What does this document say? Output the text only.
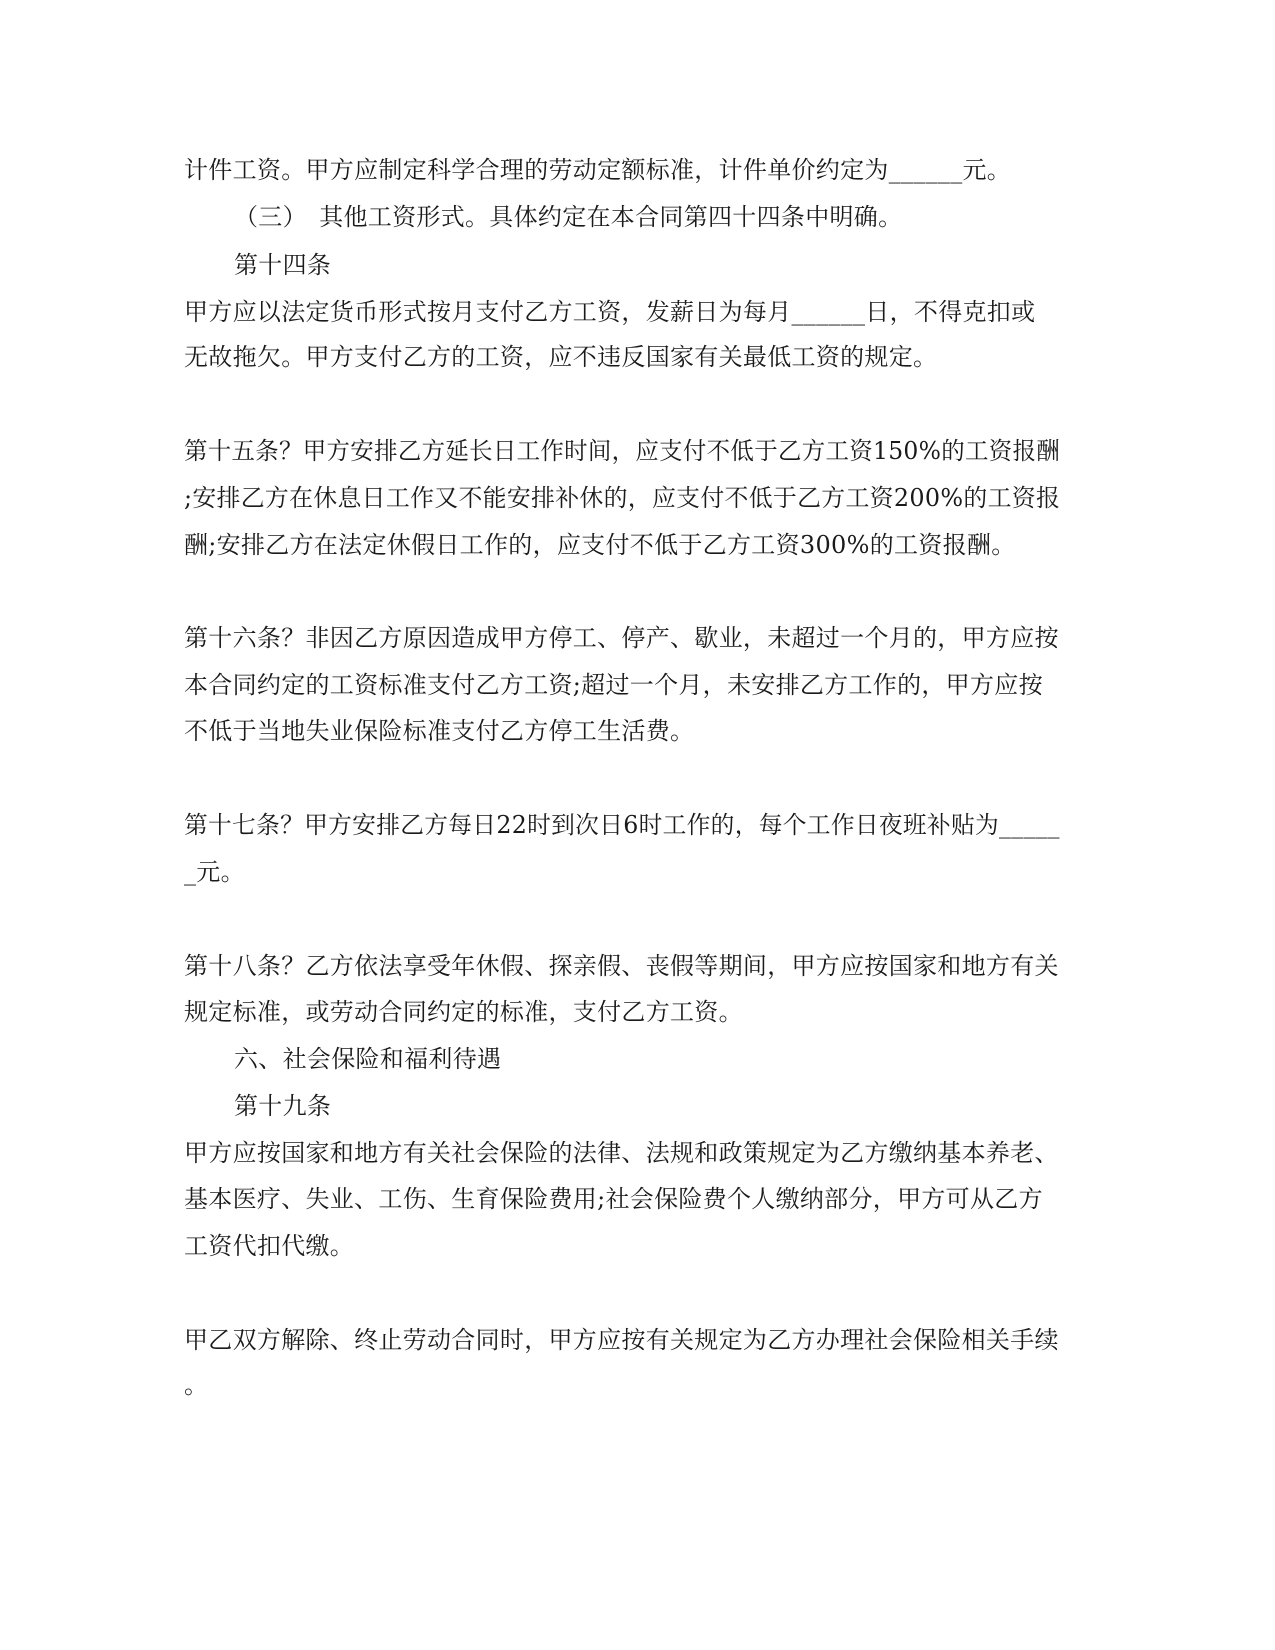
计件工资。甲方应制定科学合理的劳动定额标准，计件单价约定为______元。
（三）　其他工资形式。具体约定在本合同第四十四条中明确。
第十四条
甲方应以法定货币形式按月支付乙方工资，发薪日为每月______日，不得克扣或
无故拖欠。甲方支付乙方的工资，应不违反国家有关最低工资的规定。
第十五条？甲方安排乙方延长日工作时间，应支付不低于乙方工资150%的工资报酬
;安排乙方在休息日工作又不能安排补休的，应支付不低于乙方工资200%的工资报
酬;安排乙方在法定休假日工作的，应支付不低于乙方工资300%的工资报酬。
第十六条？非因乙方原因造成甲方停工、停产、歇业，未超过一个月的，甲方应按
本合同约定的工资标准支付乙方工资;超过一个月，未安排乙方工作的，甲方应按
不低于当地失业保险标准支付乙方停工生活费。
第十七条？甲方安排乙方每日22时到次日6时工作的，每个工作日夜班补贴为_____
_元。
第十八条？乙方依法享受年休假、探亲假、丧假等期间，甲方应按国家和地方有关
规定标准，或劳动合同约定的标准，支付乙方工资。
六、社会保险和福利待遇
第十九条
甲方应按国家和地方有关社会保险的法律、法规和政策规定为乙方缴纳基本养老、
基本医疗、失业、工伤、生育保险费用;社会保险费个人缴纳部分，甲方可从乙方
工资代扣代缴。
甲乙双方解除、终止劳动合同时，甲方应按有关规定为乙方办理社会保险相关手续
。
